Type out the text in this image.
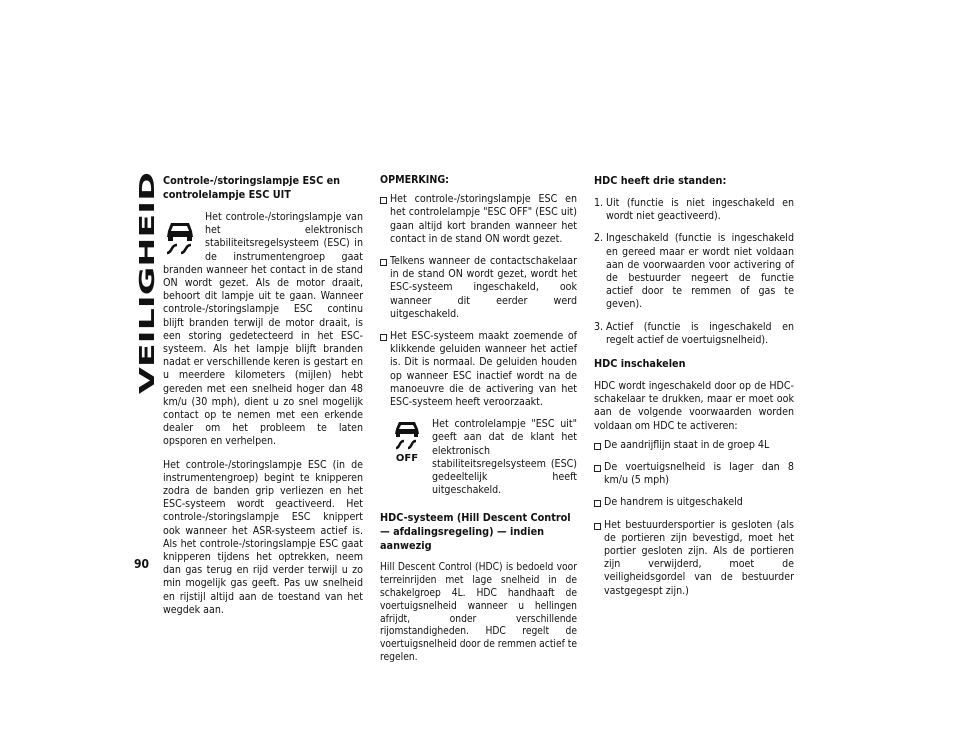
VEILIGHEID
90
Controle-/storingslampje ESC en controlelampje ESC UIT

Het controle-/storingslampje van het elektronisch stabiliteitsregelsysteem (ESC) in de instrumentengroep gaat branden wanneer het contact in de stand ON wordt gezet. Als de motor draait, behoort dit lampje uit te gaan. Wanneer controle-/storingslampje ESC continu blijft branden terwijl de motor draait, is een storing gedetecteerd in het ESC-systeem. Als het lampje blijft branden nadat er verschillende keren is gestart en u meerdere kilometers (mijlen) hebt gereden met een snelheid hoger dan 48 km/u (30 mph), dient u zo snel mogelijk contact op te nemen met een erkende dealer om het probleem te laten opsporen en verhelpen.

Het controle-/storingslampje ESC (in de instrumentengroep) begint te knipperen zodra de banden grip verliezen en het ESC-systeem wordt geactiveerd. Het controle-/storingslampje ESC knippert ook wanneer het ASR-systeem actief is. Als het controle-/storingslampje ESC gaat knipperen tijdens het optrekken, neem dan gas terug en rijd verder terwijl u zo min mogelijk gas geeft. Pas uw snelheid en rijstijl altijd aan de toestand van het wegdek aan.

OPMERKING:
Het controle-/storingslampje ESC en het controlelampje "ESC OFF" (ESC uit) gaan altijd kort branden wanneer het contact in de stand ON wordt gezet.
Telkens wanneer de contactschakelaar in de stand ON wordt gezet, wordt het ESC-systeem ingeschakeld, ook wanneer dit eerder werd uitgeschakeld.
Het ESC-systeem maakt zoemende of klikkende geluiden wanneer het actief is. Dit is normaal. De geluiden houden op wanneer ESC inactief wordt na de manoeuvre die de activering van het ESC-systeem heeft veroorzaakt.
OFF

Het controlelampje "ESC uit" geeft aan dat de klant het elektronisch stabiliteitsregelsysteem (ESC) gedeeltelijk heeft uitgeschakeld.

HDC-systeem (Hill Descent Control — afdalingsregeling) — indien aanwezig

Hill Descent Control (HDC) is bedoeld voor terreinrijden met lage snelheid in de schakelgroep 4L. HDC handhaaft de voertuigsnelheid wanneer u hellingen afrijdt, onder verschillende rijomstandigheden. HDC regelt de voertuigsnelheid door de remmen actief te regelen.

HDC heeft drie standen:
1. Uit (functie is niet ingeschakeld en wordt niet geactiveerd).
2. Ingeschakeld (functie is ingeschakeld en gereed maar er wordt niet voldaan aan de voorwaarden voor activering of de bestuurder negeert de functie actief door te remmen of gas te geven).
3. Actief (functie is ingeschakeld en regelt actief de voertuigsnelheid).
HDC inschakelen

HDC wordt ingeschakeld door op de HDC-schakelaar te drukken, maar er moet ook aan de volgende voorwaarden worden voldaan om HDC te activeren:

De aandrijflijn staat in de groep 4L
De voertuigsnelheid is lager dan 8 km/u (5 mph)
De handrem is uitgeschakeld
Het bestuurdersportier is gesloten (als de portieren zijn bevestigd, moet het portier gesloten zijn. Als de portieren zijn verwijderd, moet de veiligheidsgordel van de bestuurder vastgegespt zijn.)
